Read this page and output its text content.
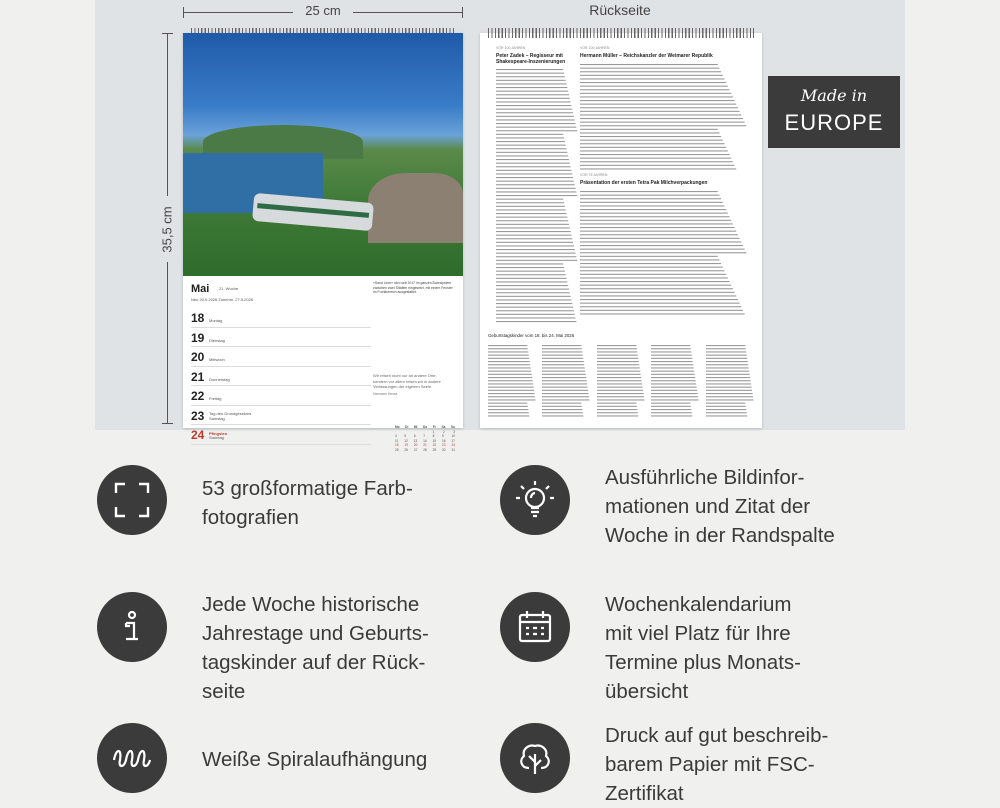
25 cm
35,5 cm
Rückseite
Mai 21. Woche
Neu 20.5.2026 Zunehm. 27.5.2026
18 Montag
19 Dienstag
20 Mittwoch
21 Donnerstag
22 Freitag
23 Tag des Grundgesetzes
Samstag
24 Pfingsten
Sonntag
»Sand Liner« wird seit 2017 im ganzen Bahnsystem zwischen zwei Städten eingesetzt, mit einem Fenster im Frontbereich ausgestattet.
Wir reisen nicht nur an andere Orte, sondern vor allem reisen wir in andere Verfassungen der eigenen Seele.
Hermann Hesse
Mo Di Mi Do Fr Sa So

1	2	3
4 5 6 7 8 9 10
11 12 13 14 15 16 17
18 19 20 21 22 23 24
25 26 27 28 29 30 31
VOR 100 JAHREN
Peter Zadek – Regisseur mit Shakespeare-Inszenierungen
VOR 100 JAHREN
Hermann Müller – Reichskanzler der Weimarer Republik
VOR 75 JAHREN
Präsentation der ersten Tetra Pak Milchverpackungen
Geburtstagskinder vom 18. bis 24. Mai 2026
Made in
EUROPE
53 großformatige Farb-
fotografien
Jede Woche historische
Jahrestage und Geburts-
tagskinder auf der Rück-
seite
Weiße Spiralaufhängung
Ausführliche Bildinfor-
mationen und Zitat der
Woche in der Randspalte
Wochenkalendarium
mit viel Platz für Ihre
Termine plus Monats-
übersicht
Druck auf gut beschreib-
barem Papier mit FSC-
Zertifikat
